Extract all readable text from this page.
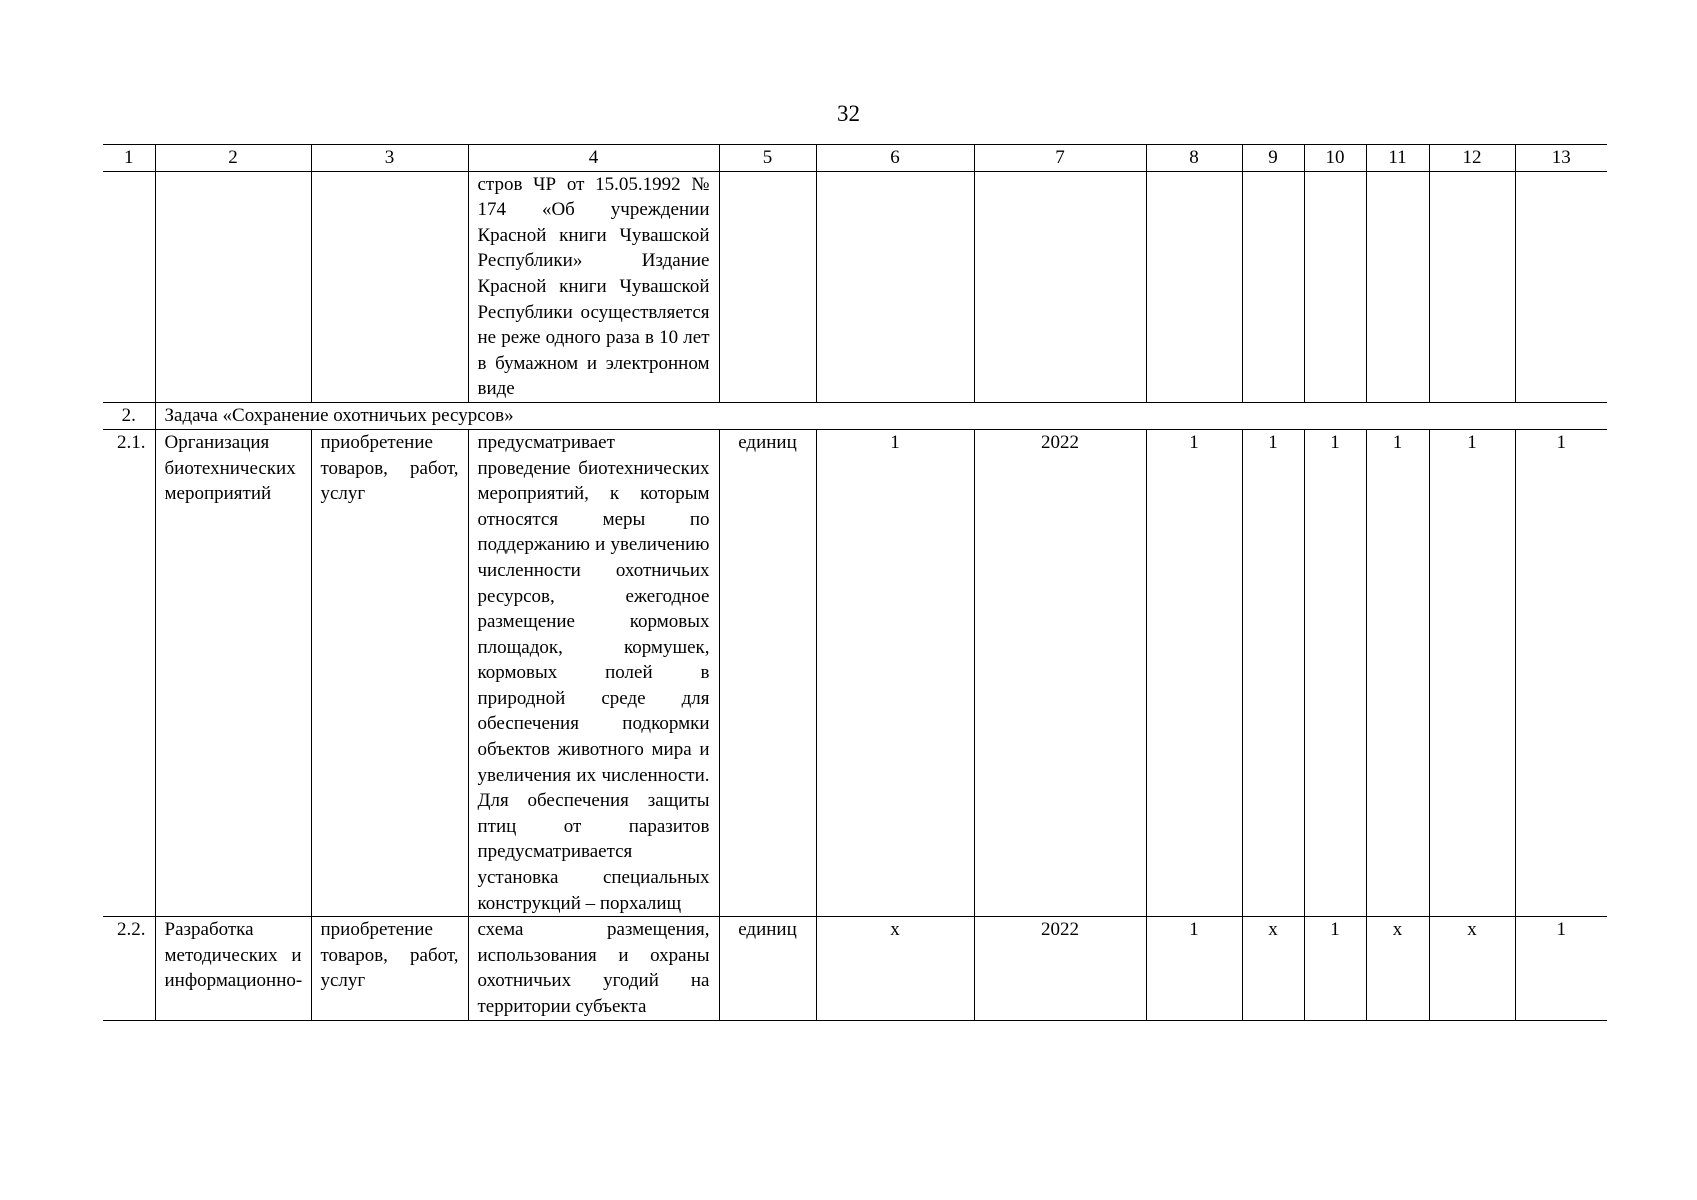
32
1	2	3	4	5	6	7	8	9	10	11	12	13
			стров ЧР от 15.05.1992 № 174 «Об учреждении Красной книги Чувашской Республики» Издание Красной книги Чувашской Республики осуществляется не реже одного раза в 10 лет в бумажном и электронном виде									
2.	Задача «Сохранение охотничьих ресурсов»											
2.1.	Организация биотехнических мероприятий	приобретение товаров, работ, услуг	предусматривает проведение биотехнических мероприятий, к которым относятся меры по поддержанию и увеличению численности охотничьих ресурсов, ежегодное размещение кормовых площадок, кормушек, кормовых полей в природной среде для обеспечения подкормки объектов животного мира и увеличения их численности. Для обеспечения защиты птиц от паразитов предусматривается установка специальных конструкций – порхалищ	единиц	1	2022	1	1	1	1	1	1
2.2.	Разработка методических и информационно-	приобретение товаров, работ, услуг	схема размещения, использования и охраны охотничьих угодий на территории субъекта	единиц	х	2022	1	х	1	х	х	1
